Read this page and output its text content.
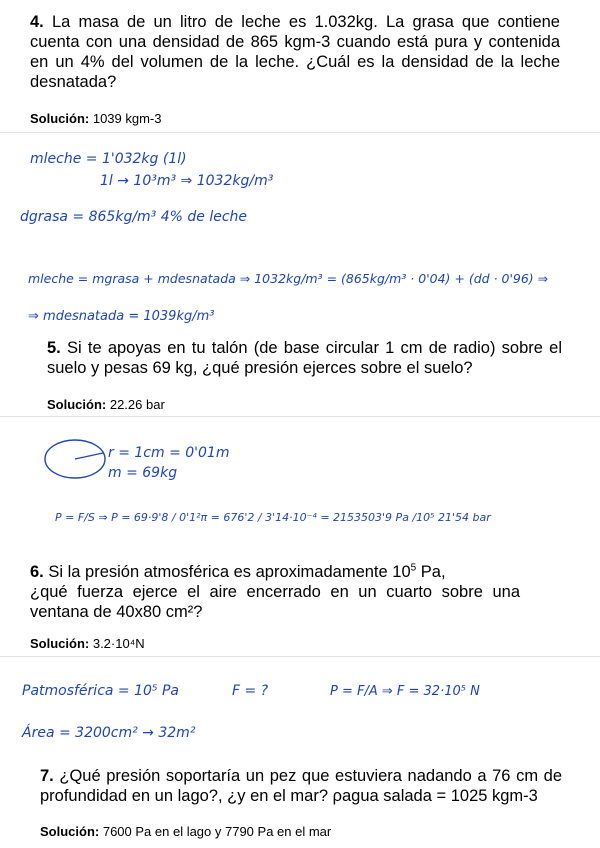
4. La masa de un litro de leche es 1.032kg. La grasa que contiene cuenta con una densidad de 865 kgm-3 cuando está pura y contenida en un 4% del volumen de la leche. ¿Cuál es la densidad de la leche desnatada?
Solución: 1039 kgm-3
mleche = 1'032kg (1l)
1l → 10³m³ ⇒ 1032kg/m³
dgrasa = 865kg/m³ 4% de leche
mleche = mgrasa + mdesnatada ⇒ 1032kg/m³ = (865kg/m³ · 0'04) + (dd · 0'96) ⇒
⇒ mdesnatada = 1039kg/m³
5. Si te apoyas en tu talón (de base circular 1 cm de radio) sobre el suelo y pesas 69 kg, ¿qué presión ejerces sobre el suelo?
Solución: 22.26 bar
r = 1cm = 0'01m
m = 69kg
P = F/S ⇒ P = 69·9'8 / 0'1²π = 676'2 / 3'14·10⁻⁴ = 2153503'9 Pa /10⁵ 21'54 bar
6. Si la presión atmosférica es aproximadamente $10^5$ Pa,
¿qué fuerza ejerce el aire encerrado en un cuarto sobre una ventana de 40x80 cm²?
Solución: 3.2·10⁴N
Patmosférica = 10⁵ Pa	F = ?	P = F/A ⇒ F = 32·10⁵ N
Área = 3200cm² → 32m²
7. ¿Qué presión soportaría un pez que estuviera nadando a 76 cm de profundidad en un lago?, ¿y en el mar? ρagua salada = 1025 kgm-3
Solución: 7600 Pa en el lago y 7790 Pa en el mar
